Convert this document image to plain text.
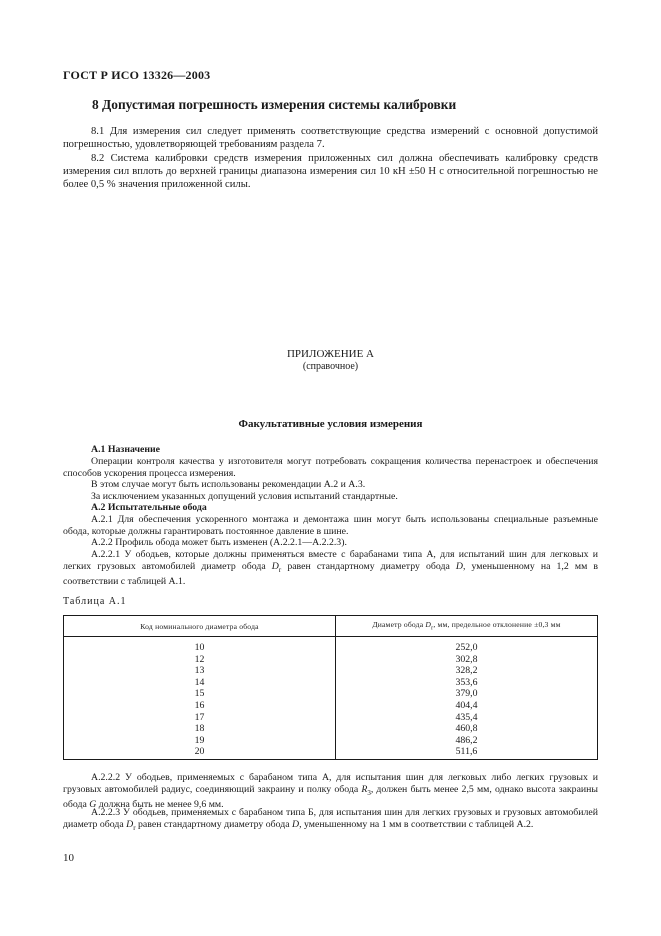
ГОСТ Р ИСО 13326—2003
8 Допустимая погрешность измерения системы калибровки
8.1 Для измерения сил следует применять соответствующие средства измерений с основной допустимой погрешностью, удовлетворяющей требованиям раздела 7.
8.2 Система калибровки средств измерения приложенных сил должна обеспечивать калибровку средств измерения сил вплоть до верхней границы диапазона измерения сил 10 кН ±50 Н с относительной погрешностью не более 0,5 % значения приложенной силы.
ПРИЛОЖЕНИЕ А
(справочное)
Факультативные условия измерения
А.1 Назначение
Операции контроля качества у изготовителя могут потребовать сокращения количества перенастроек и обеспечения способов ускорения процесса измерения.
В этом случае могут быть использованы рекомендации А.2 и А.3.
За исключением указанных допущений условия испытаний стандартные.
А.2 Испытательные обода
А.2.1 Для обеспечения ускоренного монтажа и демонтажа шин могут быть использованы специальные разъемные обода, которые должны гарантировать постоянное давление в шине.
А.2.2 Профиль обода может быть изменен (А.2.2.1—А.2.2.3).
А.2.2.1 У ободьев, которые должны применяться вместе с барабанами типа А, для испытаний шин для легковых и легких грузовых автомобилей диаметр обода $D_r$ равен стандартному диаметру обода D, уменьшенному на 1,2 мм в соответствии с таблицей А.1.
Таблица А.1
Код номинального диаметра обода	Диаметр обода $D_r$, мм, предельное отклонение ±0,3 мм
10	252,0
12	302,8
13	328,2
14	353,6
15	379,0
16	404,4
17	435,4
18	460,8
19	486,2
20	511,6
А.2.2.2 У ободьев, применяемых с барабаном типа А, для испытания шин для легковых либо легких грузовых и грузовых автомобилей радиус, соединяющий закраину и полку обода $R_3$, должен быть менее 2,5 мм, однако высота закраины обода G должна быть не менее 9,6 мм.
А.2.2.3 У ободьев, применяемых с барабаном типа Б, для испытания шин для легких грузовых и грузовых автомобилей диаметр обода $D_r$ равен стандартному диаметру обода D, уменьшенному на 1 мм в соответствии с таблицей А.2.
10
